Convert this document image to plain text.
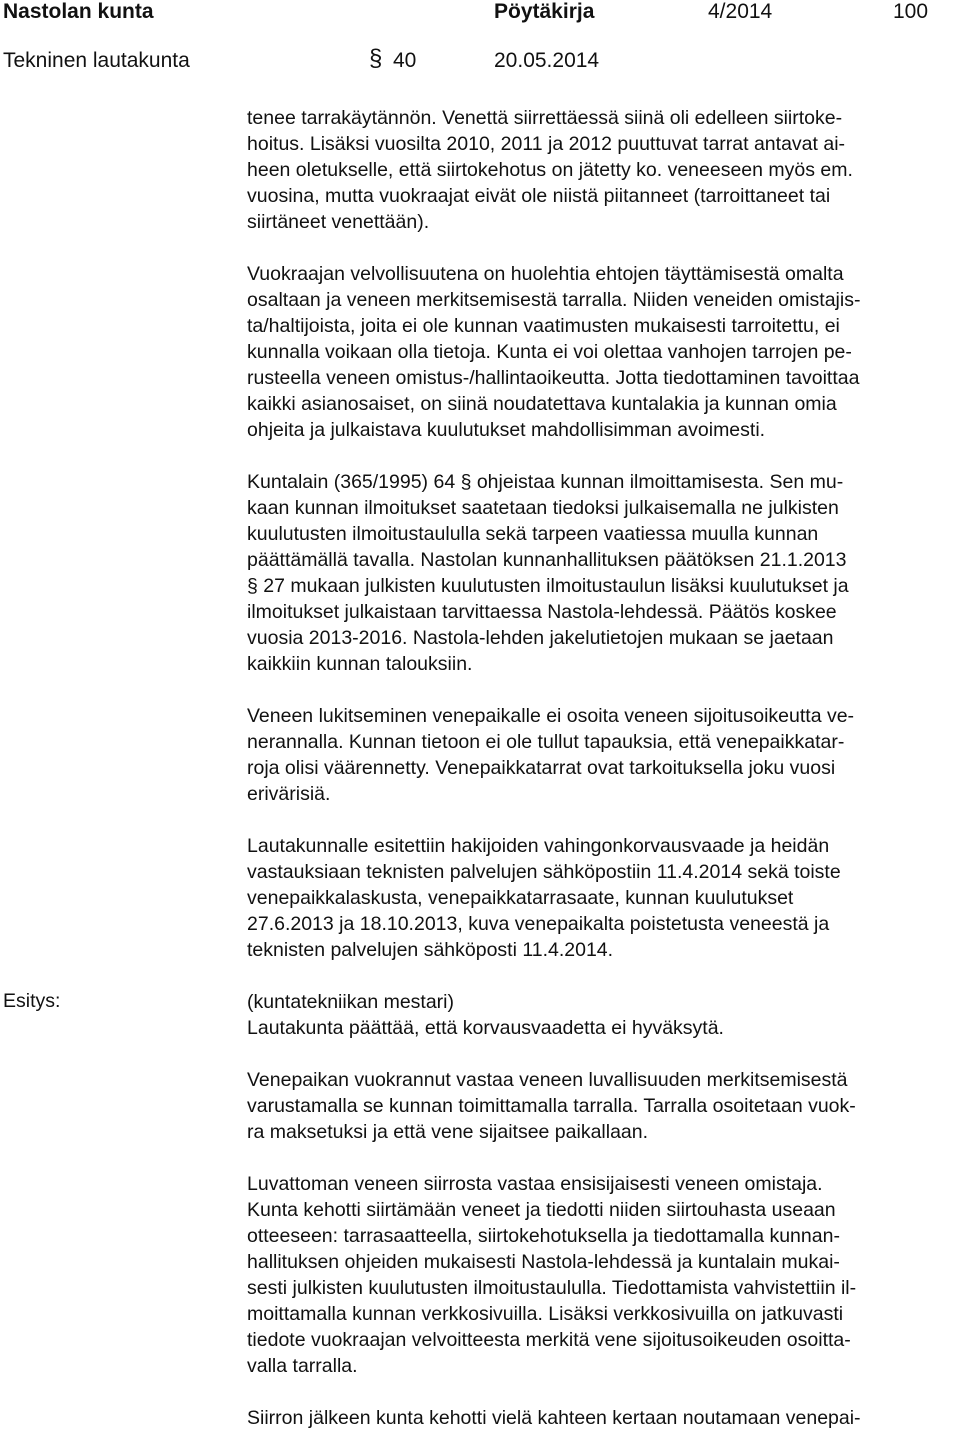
Nastolan kunta	Pöytäkirja	4/2014	100
Tekninen lautakunta	§ 40	20.05.2014
Esitys:
tenee tarrakäytännön. Venettä siirrettäessä siinä oli edelleen siirtoke-
hoitus. Lisäksi vuosilta 2010, 2011 ja 2012 puuttuvat tarrat antavat ai-
heen oletukselle, että siirtokehotus on jätetty ko. veneeseen myös em.
vuosina, mutta vuokraajat eivät ole niistä piitanneet (tarroittaneet tai
siirtäneet venettään).
Vuokraajan velvollisuutena on huolehtia ehtojen täyttämisestä omalta
osaltaan ja veneen merkitsemisestä tarralla. Niiden veneiden omistajis-
ta/haltijoista, joita ei ole kunnan vaatimusten mukaisesti tarroitettu, ei
kunnalla voikaan olla tietoja. Kunta ei voi olettaa vanhojen tarrojen pe-
rusteella veneen omistus-/hallintaoikeutta. Jotta tiedottaminen tavoittaa
kaikki asianosaiset, on siinä noudatettava kuntalakia ja kunnan omia
ohjeita ja julkaistava kuulutukset mahdollisimman avoimesti.
Kuntalain (365/1995) 64 § ohjeistaa kunnan ilmoittamisesta. Sen mu-
kaan kunnan ilmoitukset saatetaan tiedoksi julkaisemalla ne julkisten
kuulutusten ilmoitustaululla sekä tarpeen vaatiessa muulla kunnan
päättämällä tavalla. Nastolan kunnanhallituksen päätöksen 21.1.2013
§ 27 mukaan julkisten kuulutusten ilmoitustaulun lisäksi kuulutukset ja
ilmoitukset julkaistaan tarvittaessa Nastola-lehdessä. Päätös koskee
vuosia 2013-2016. Nastola-lehden jakelutietojen mukaan se jaetaan
kaikkiin kunnan talouksiin.
Veneen lukitseminen venepaikalle ei osoita veneen sijoitusoikeutta ve-
nerannalla. Kunnan tietoon ei ole tullut tapauksia, että venepaikkatar-
roja olisi väärennetty. Venepaikkatarrat ovat tarkoituksella joku vuosi
erivärisiä.
Lautakunnalle esitettiin hakijoiden vahingonkorvausvaade ja heidän
vastauksiaan teknisten palvelujen sähköpostiin 11.4.2014 sekä toiste
venepaikkalaskusta, venepaikkatarrasaate, kunnan kuulutukset
27.6.2013 ja 18.10.2013, kuva venepaikalta poistetusta veneestä ja
teknisten palvelujen sähköposti 11.4.2014.
(kuntatekniikan mestari)
Lautakunta päättää, että korvausvaadetta ei hyväksytä.
Venepaikan vuokrannut vastaa veneen luvallisuuden merkitsemisestä
varustamalla se kunnan toimittamalla tarralla. Tarralla osoitetaan vuok-
ra maksetuksi ja että vene sijaitsee paikallaan.
Luvattoman veneen siirrosta vastaa ensisijaisesti veneen omistaja.
Kunta kehotti siirtämään veneet ja tiedotti niiden siirtouhasta useaan
otteeseen: tarrasaatteella, siirtokehotuksella ja tiedottamalla kunnan-
hallituksen ohjeiden mukaisesti Nastola-lehdessä ja kuntalain mukai-
sesti julkisten kuulutusten ilmoitustaululla. Tiedottamista vahvistettiin il-
moittamalla kunnan verkkosivuilla. Lisäksi verkkosivuilla on jatkuvasti
tiedote vuokraajan velvoitteesta merkitä vene sijoitusoikeuden osoitta-
valla tarralla.
Siirron jälkeen kunta kehotti vielä kahteen kertaan noutamaan venepai-
